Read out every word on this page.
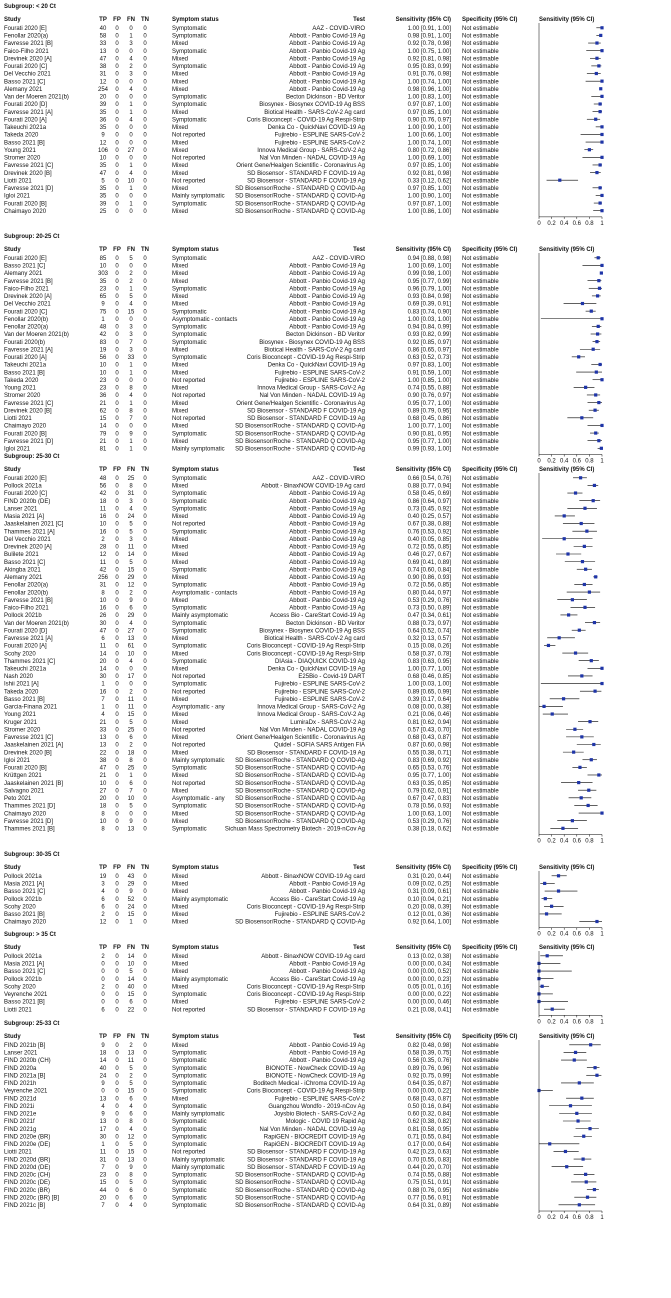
Subgroup: < 20 Ct
Study	TP FP FN TN	Symptom status	Test	Sensitivity (95% CI) Specificity (95% CI)	Sensitivity (95% CI)
Fourati 2020 [E]	40 0 0 0	Symptomatic	AAZ - COVID-VIRO	1.00 [0.91, 1.00] Not estimable
Fenollar 2020(a)	58 0 1 0	Symptomatic	Abbott - Panbio Covid-19 Ag	0.98 [0.91, 1.00] Not estimable
Favresse 2021 [B]	33 0 3 0	Mixed	Abbott - Panbio Covid-19 Ag	0.92 [0.78, 0.98] Not estimable
Faico-Filho 2021	13 0 0 0	Symptomatic	Abbott - Panbio Covid-19 Ag	1.00 [0.75, 1.00] Not estimable
Drevinek 2020 [A]	47 0 4 0	Mixed	Abbott - Panbio Covid-19 Ag	0.92 [0.81, 0.98] Not estimable
Fourati 2020 [C]	38 0 2 0	Symptomatic	Abbott - Panbio Covid-19 Ag	0.95 [0.83, 0.99] Not estimable
Del Vecchio 2021	31 0 3 0	Mixed	Abbott - Panbio Covid-19 Ag	0.91 [0.76, 0.98] Not estimable
Basso 2021 [C]	12 0 0 0	Mixed	Abbott - Panbio Covid-19 Ag	1.00 [0.74, 1.00] Not estimable
Alemany 2021	254 0 4 0	Mixed	Abbott - Panbio Covid-19 Ag	0.98 [0.96, 1.00] Not estimable
Van der Moeren 2021(b)	20 0 0 0	Symptomatic	Becton Dickinson - BD Veritor	1.00 [0.83, 1.00] Not estimable
Fourati 2020 [D]	39 0 1 0	Symptomatic	Biosynex - Biosynex COVID-19 Ag BSS	0.97 [0.87, 1.00] Not estimable
Favresse 2021 [A]	35 0 1 0	Mixed	Biotical Health - SARS-CoV-2 Ag card	0.97 [0.85, 1.00] Not estimable
Fourati 2020 [A]	36 0 4 0	Symptomatic	Coris Bioconcept - COVID-19 Ag Respi-Strip	0.90 [0.76, 0.97] Not estimable
Takeuchi 2021a	35 0 0 0	Mixed	Denka Co - QuickNavi COVID-19 Ag	1.00 [0.90, 1.00] Not estimable
Takeda 2020	9 0 0 0	Not reported	Fujirebio - ESPLINE SARS-CoV-2	1.00 [0.66, 1.00] Not estimable
Basso 2021 [B]	12 0 0 0	Mixed	Fujirebio - ESPLINE SARS-CoV-2	1.00 [0.74, 1.00] Not estimable
Young 2021	106 0 27 0	Mixed	Innova Medical Group - SARS-CoV-2 Ag	0.80 [0.72, 0.86] Not estimable
Stromer 2020	10 0 0 0	Not reported	Nal Von Minden - NADAL COVID-19 Ag	1.00 [0.69, 1.00] Not estimable
Favresse 2021 [C]	35 0 1 0	Mixed	Orient Gene/Healgen Scientific - Coronavirus Ag	0.97 [0.85, 1.00] Not estimable
Drevinek 2020 [B]	47 0 4 0	Mixed	SD Biosensor - STANDARD F COVID-19 Ag	0.92 [0.81, 0.98] Not estimable
Liotti 2021	5 0 10 0	Not reported	SD Biosensor - STANDARD F COVID-19 Ag	0.33 [0.12, 0.62] Not estimable
Favresse 2021 [D]	35 0 1 0	Mixed	SD Biosensor/Roche - STANDARD Q COVID-Ag	0.97 [0.85, 1.00] Not estimable
Igloi 2021	35 0 0 0	Mainly symptomatic SD Biosensor/Roche - STANDARD Q COVID-Ag	1.00 [0.90, 1.00] Not estimable
Fourati 2020 [B]	39 0 1 0	Symptomatic	SD Biosensor/Roche - STANDARD Q COVID-Ag	0.97 [0.87, 1.00] Not estimable
Chaimayo 2020	25 0 0 0	Mixed	SD Biosensor/Roche - STANDARD Q COVID-Ag	1.00 [0.86, 1.00] Not estimable
0 0.2 0.4 0.6 0.8 1
Subgroup: 20-25 Ct
Study	TP FP FN TN	Symptom status	Test	Sensitivity (95% CI) Specificity (95% CI)	Sensitivity (95% CI)
Fourati 2020 [E]	85 0 5 0	Symptomatic	AAZ - COVID-VIRO	0.94 [0.88, 0.98] Not estimable
Basso 2021 [C]	10 0 0 0	Mixed	Abbott - Panbio Covid-19 Ag	1.00 [0.69, 1.00] Not estimable
Alemany 2021	303 0 2 0	Mixed	Abbott - Panbio Covid-19 Ag	0.99 [0.98, 1.00] Not estimable
Favresse 2021 [B]	35 0 2 0	Mixed	Abbott - Panbio Covid-19 Ag	0.95 [0.77, 0.99] Not estimable
Faico-Filho 2021	23 0 1 0	Symptomatic	Abbott - Panbio Covid-19 Ag	0.96 [0.79, 1.00] Not estimable
Drevinek 2020 [A]	65 0 5 0	Mixed	Abbott - Panbio Covid-19 Ag	0.93 [0.84, 0.98] Not estimable
Del Vecchio 2021	9 0 4 0	Mixed	Abbott - Panbio Covid-19 Ag	0.69 [0.39, 0.91] Not estimable
Fourati 2020 [C]	75 0 15 0	Symptomatic	Abbott - Panbio Covid-19 Ag	0.83 [0.74, 0.90] Not estimable
Fenollar 2020(b)	1 0 0 0	Asymptomatic - contacts	Abbott - Panbio Covid-19 Ag	1.00 [0.03, 1.00] Not estimable
Fenollar 2020(a)	48 0 3 0	Symptomatic	Abbott - Panbio Covid-19 Ag	0.94 [0.84, 0.99] Not estimable
Van der Moeren 2021(b)	42 0 3 0	Symptomatic	Becton Dickinson - BD Veritor	0.93 [0.82, 0.99] Not estimable
Fourati 2020(b)	83 0 7 0	Symptomatic	Biosynex - Biosynex COVID-19 Ag BSS	0.92 [0.85, 0.97] Not estimable
Favresse 2021 [A]	19 0 3 0	Mixed	Biotical Health - SARS-CoV-2 Ag card	0.86 [0.65, 0.97] Not estimable
Fourati 2020 [A]	56 0 33 0	Symptomatic	Coris Bioconcept - COVID-19 Ag Respi-Strip	0.63 [0.52, 0.73] Not estimable
Takeuchi 2021a	10 0 1 0	Mixed	Denka Co - QuickNavi COVID-19 Ag	0.97 [0.83, 1.00] Not estimable
Basso 2021 [B]	10 0 1 0	Mixed	Fujirebio - ESPLINE SARS-CoV-2	0.91 [0.59, 1.00] Not estimable
Takeda 2020	23 0 0 0	Not reported	Fujirebio - ESPLINE SARS-CoV-2	1.00 [0.85, 1.00] Not estimable
Young 2021	23 0 8 0	Mixed	Innova Medical Group - SARS-CoV-2 Ag	0.74 [0.55, 0.88] Not estimable
Stromer 2020	36 0 4 0	Not reported	Nal Von Minden - NADAL COVID-19 Ag	0.90 [0.76, 0.97] Not estimable
Favresse 2021 [C]	21 0 1 0	Mixed	Orient Gene/Healgen Scientific - Coronavirus Ag	0.95 [0.77, 1.00] Not estimable
Drevinek 2020 [B]	62 0 8 0	Mixed	SD Biosensor - STANDARD F COVID-19 Ag	0.89 [0.79, 0.95] Not estimable
Liotti 2021	15 0 7 0	Not reported	SD Biosensor - STANDARD F COVID-19 Ag	0.68 [0.45, 0.86] Not estimable
Chaimayo 2020	14 0 0 0	Mixed	SD Biosensor/Roche - STANDARD Q COVID-Ag	1.00 [0.77, 1.00] Not estimable
Fourati 2020 [B]	79 0 9 0	Symptomatic	SD Biosensor/Roche - STANDARD Q COVID-Ag	0.90 [0.81, 0.95] Not estimable
Favresse 2021 [D]	21 0 1 0	Mixed	SD Biosensor/Roche - STANDARD Q COVID-Ag	0.95 [0.77, 1.00] Not estimable
Igloi 2021	81 0 1 0	Mainly symptomatic SD Biosensor/Roche - STANDARD Q COVID-Ag	0.99 [0.93, 1.00] Not estimable
0 0.2 0.4 0.6 0.8 1
Subgroup: 25-30 Ct
Study	TP FP FN TN	Symptom status	Test	Sensitivity (95% CI) Specificity (95% CI)	Sensitivity (95% CI)
Fourati 2020 [E]	48 0 25 0	Symptomatic	AAZ - COVID-VIRO	0.66 [0.54, 0.76] Not estimable
Pollock 2021a	56 0 8 0	Mixed	Abbott - BinaxNOW COVID-19 Ag card	0.88 [0.77, 0.94] Not estimable
Fourati 2020 [C]	42 0 31 0	Symptomatic	Abbott - Panbio Covid-19 Ag	0.58 [0.45, 0.69] Not estimable
FIND 2020b (DE)	18 0 3 0	Symptomatic	Abbott - Panbio Covid-19 Ag	0.86 [0.64, 0.97] Not estimable
Lanser 2021	11 0 4 0	Symptomatic	Abbott - Panbio Covid-19 Ag	0.73 [0.45, 0.92] Not estimable
Masia 2021 [A]	16 0 24 0	Mixed	Abbott - Panbio Covid-19 Ag	0.40 [0.25, 0.57] Not estimable
Jaaskelainen 2021 [C]	10 0 5 0	Not reported	Abbott - Panbio Covid-19 Ag	0.67 [0.38, 0.88] Not estimable
Thammes 2021 [A]	16 0 5 0	Symptomatic	Abbott - Panbio Covid-19 Ag	0.76 [0.53, 0.92] Not estimable
Del Vecchio 2021	2 0 3 0	Mixed	Abbott - Panbio Covid-19 Ag	0.40 [0.05, 0.85] Not estimable
Drevinek 2020 [A]	28 0 11 0	Mixed	Abbott - Panbio Covid-19 Ag	0.72 [0.55, 0.85] Not estimable
Bulilete 2021	12 0 14 0	Mixed	Abbott - Panbio Covid-19 Ag	0.46 [0.27, 0.67] Not estimable
Basso 2021 [C]	11 0 5 0	Mixed	Abbott - Panbio Covid-19 Ag	0.69 [0.41, 0.89] Not estimable
Akingba 2021	42 0 15 0	Symptomatic	Abbott - Panbio Covid-19 Ag	0.74 [0.60, 0.84] Not estimable
Alemany 2021	256 0 29 0	Mixed	Abbott - Panbio Covid-19 Ag	0.90 [0.86, 0.93] Not estimable
Fenollar 2020(a)	31 0 12 0	Symptomatic	Abbott - Panbio Covid-19 Ag	0.72 [0.56, 0.85] Not estimable
Fenollar 2020(b)	8 0 2 0	Asymptomatic - contacts	Abbott - Panbio Covid-19 Ag	0.80 [0.44, 0.97] Not estimable
Favresse 2021 [B]	10 0 9 0	Mixed	Abbott - Panbio Covid-19 Ag	0.53 [0.29, 0.76] Not estimable
Faico-Filho 2021	16 0 6 0	Symptomatic	Abbott - Panbio Covid-19 Ag	0.73 [0.50, 0.89] Not estimable
Pollock 2021b	26 0 29 0	Mainly asymptomatic	Access Bio - CareStart Covid-19 Ag	0.47 [0.34, 0.61] Not estimable
Van der Moeren 2021(b)	30 0 4 0	Symptomatic	Becton Dickinson - BD Veritor	0.88 [0.73, 0.97] Not estimable
Fourati 2020 [D]	47 0 27 0	Symptomatic	Biosynex - Biosynex COVID-19 Ag BSS	0.64 [0.52, 0.74] Not estimable
Favresse 2021 [A]	6 0 13 0	Mixed	Biotical Health - SARS-CoV-2 Ag card	0.32 [0.13, 0.57] Not estimable
Fourati 2020 [A]	11 0 61 0	Symptomatic	Coris Bioconcept - COVID-19 Ag Respi-Strip	0.15 [0.08, 0.26] Not estimable
Scohy 2020	14 0 10 0	Mixed	Coris Bioconcept - COVID-19 Ag Respi-Strip	0.58 [0.37, 0.78] Not estimable
Thammes 2021 [C]	20 0 4 0	Symptomatic	DIAsia - DIAQUICK COVID-19 Ag	0.83 [0.63, 0.95] Not estimable
Takeuchi 2021a	14 0 0 0	Mixed	Denka Co - QuickNavi COVID-19 Ag	1.00 [0.77, 1.00] Not estimable
Nash 2020	30 0 17 0	Not reported	E25Bio - Covid-19 DART	0.68 [0.46, 0.85] Not estimable
Ishii 2021 [A]	1 0 0 0	Symptomatic	Fujirebio - ESPLINE SARS-CoV-2	1.00 [0.03, 1.00] Not estimable
Takeda 2020	16 0 2 0	Not reported	Fujirebio - ESPLINE SARS-CoV-2	0.89 [0.65, 0.99] Not estimable
Basso 2021 [B]	7 0 11 0	Mixed	Fujirebio - ESPLINE SARS-CoV-2	0.39 [0.17, 0.64] Not estimable
Garcia-Finana 2021	1 0 11 0	Asymptomatic - any	Innova Medical Group - SARS-CoV-2 Ag	0.08 [0.00, 0.38] Not estimable
Young 2021	4 0 15 0	Mixed	Innova Medical Group - SARS-CoV-2 Ag	0.21 [0.06, 0.46] Not estimable
Kruger 2021	21 0 5 0	Mixed	LumiraDx - SARS-CoV-2 Ag	0.81 [0.62, 0.94] Not estimable
Stromer 2020	33 0 25 0	Not reported	Nal Von Minden - NADAL COVID-19 Ag	0.57 [0.43, 0.70] Not estimable
Favresse 2021 [C]	13 0 6 0	Mixed	Orient Gene/Healgen Scientific - Coronavirus Ag	0.68 [0.43, 0.87] Not estimable
Jaaskelainen 2021 [A]	13 0 2 0	Not reported	Quidel - SOFIA SARS Antigen FIA	0.87 [0.60, 0.98] Not estimable
Drevinek 2020 [B]	22 0 18 0	Mixed	SD Biosensor - STANDARD F COVID-19 Ag	0.55 [0.38, 0.71] Not estimable
Igloi 2021	38 0 8 0	Mainly symptomatic SD Biosensor/Roche - STANDARD Q COVID-Ag	0.83 [0.69, 0.92] Not estimable
Fourati 2020 [B]	47 0 25 0	Symptomatic	SD Biosensor/Roche - STANDARD Q COVID-Ag	0.65 [0.53, 0.76] Not estimable
Krüttgen 2021	21 0 1 0	Mixed	SD Biosensor/Roche - STANDARD Q COVID-Ag	0.95 [0.77, 1.00] Not estimable
Jaaskelainen 2021 [B]	10 0 6 0	Not reported	SD Biosensor/Roche - STANDARD Q COVID-Ag	0.63 [0.35, 0.85] Not estimable
Salvagno 2021	27 0 7 0	Mixed	SD Biosensor/Roche - STANDARD Q COVID-Ag	0.79 [0.62, 0.91] Not estimable
Peto 2021	20 0 10 0	Asymptomatic - any SD Biosensor/Roche - STANDARD Q COVID-Ag	0.67 [0.47, 0.83] Not estimable
Thammes 2021 [D]	18 0 5 0	Symptomatic	SD Biosensor/Roche - STANDARD Q COVID-Ag	0.78 [0.56, 0.93] Not estimable
Chaimayo 2020	8 0 0 0	Mixed	SD Biosensor/Roche - STANDARD Q COVID-Ag	1.00 [0.63, 1.00] Not estimable
Favresse 2021 [D]	10 0 9 0	Mixed	SD Biosensor/Roche - STANDARD Q COVID-Ag	0.53 [0.29, 0.76] Not estimable
Thammes 2021 [B]	8 0 13 0	Symptomatic	Sichuan Mass Spectrometry Biotech - 2019-nCov Ag	0.38 [0.18, 0.62] Not estimable
0 0.2 0.4 0.6 0.8 1
Subgroup: 30-35 Ct
Study	TP FP FN TN	Symptom status	Test	Sensitivity (95% CI) Specificity (95% CI)	Sensitivity (95% CI)
Pollock 2021a	19 0 43 0	Mixed	Abbott - BinaxNOW COVID-19 Ag card	0.31 [0.20, 0.44] Not estimable
Masia 2021 [A]	3 0 29 0	Mixed	Abbott - Panbio Covid-19 Ag	0.09 [0.02, 0.25] Not estimable
Basso 2021 [C]	4 0 9 0	Mixed	Abbott - Panbio Covid-19 Ag	0.31 [0.09, 0.61] Not estimable
Pollock 2021b	6 0 52 0	Mainly asymptomatic	Access Bio - CareStart Covid-19 Ag	0.10 [0.04, 0.21] Not estimable
Scohy 2020	6 0 24 0	Mixed	Coris Bioconcept - COVID-19 Ag Respi-Strip	0.20 [0.08, 0.39] Not estimable
Basso 2021 [B]	2 0 15 0	Mixed	Fujirebio - ESPLINE SARS-CoV-2	0.12 [0.01, 0.36] Not estimable
Chaimayo 2020	12 0 1 0	Mixed	SD Biosensor/Roche - STANDARD Q COVID-Ag	0.92 [0.64, 1.00] Not estimable
0 0.2 0.4 0.6 0.8 1
Subgroup: > 35 Ct
Study	TP FP FN TN	Symptom status	Test	Sensitivity (95% CI) Specificity (95% CI)	Sensitivity (95% CI)
Pollock 2021a	2 0 14 0	Mixed	Abbott - BinaxNOW COVID-19 Ag card	0.13 [0.02, 0.38] Not estimable
Masia 2021 [A]	0 0 10 0	Mixed	Abbott - Panbio Covid-19 Ag	0.00 [0.00, 0.34] Not estimable
Basso 2021 [C]	0 0 5 0	Mixed	Abbott - Panbio Covid-19 Ag	0.00 [0.00, 0.52] Not estimable
Pollock 2021b	0 0 14 0	Mainly asymptomatic	Access Bio - CareStart Covid-19 Ag	0.00 [0.00, 0.23] Not estimable
Scohy 2020	2 0 40 0	Mixed	Coris Bioconcept - COVID-19 Ag Respi-Strip	0.05 [0.01, 0.16] Not estimable
Veyrenche 2021	0 0 15 0	Symptomatic	Coris Bioconcept - COVID-19 Ag Respi-Strip	0.00 [0.00, 0.22] Not estimable
Basso 2021 [B]	0 0 6 0	Mixed	Fujirebio - ESPLINE SARS-CoV-2	0.00 [0.00, 0.46] Not estimable
Liotti 2021	6 0 22 0	Not reported	SD Biosensor - STANDARD F COVID-19 Ag	0.21 [0.08, 0.41] Not estimable
0 0.2 0.4 0.6 0.8 1
Subgroup: 25-33 Ct
Study	TP FP FN TN	Symptom status	Test	Sensitivity (95% CI) Specificity (95% CI)	Sensitivity (95% CI)
FIND 2021b [B]	9 0 2 0	Mixed	Abbott - Panbio Covid-19 Ag	0.82 [0.48, 0.98] Not estimable
Lanser 2021	18 0 13 0	Symptomatic	Abbott - Panbio Covid-19 Ag	0.58 [0.39, 0.75] Not estimable
FIND 2020b (CH)	14 0 11 0	Symptomatic	Abbott - Panbio Covid-19 Ag	0.56 [0.35, 0.76] Not estimable
FIND 2020a	40 0 5 0	Symptomatic	BIONOTE - NowCheck COVID-19 Ag	0.89 [0.76, 0.96] Not estimable
FIND 2021a [B]	24 0 2 0	Symptomatic	BIONOTE - NowCheck COVID-19 Ag	0.92 [0.75, 0.99] Not estimable
FIND 2021h	9 0 5 0	Symptomatic	Boditech Medical - iChroma COVID-19 Ag	0.64 [0.35, 0.87] Not estimable
Veyrenche 2021	0 0 15 0	Symptomatic	Coris Bioconcept - COVID-19 Ag Respi-Strip	0.00 [0.00, 0.22] Not estimable
FIND 2021d	13 0 6 0	Mixed	Fujirebio - ESPLINE SARS-CoV-2	0.68 [0.43, 0.87] Not estimable
FIND 2021i	4 0 4 0	Symptomatic	Guangzhou Wondfo - 2019-nCov Ag	0.50 [0.16, 0.84] Not estimable
FIND 2021e	9 0 6 0	Mainly symptomatic	Joysbio Biotech - SARS-CoV-2 Ag	0.60 [0.32, 0.84] Not estimable
FIND 2021f	13 0 8 0	Symptomatic	Mologic - COVID 19 Rapid Ag	0.62 [0.38, 0.82] Not estimable
FIND 2021g	17 0 4 0	Symptomatic	Nal Von Minden - NADAL COVID-19 Ag	0.81 [0.58, 0.95] Not estimable
FIND 2020e (BR)	30 0 12 0	Symptomatic	RapiGEN - BIOCREDIT COVID-19 Ag	0.71 [0.55, 0.84] Not estimable
FIND 2020e (DE)	1 0 5 0	Symptomatic	RapiGEN - BIOCREDIT COVID-19 Ag	0.17 [0.00, 0.64] Not estimable
Liotti 2021	11 0 15 0	Not reported	SD Biosensor - STANDARD F COVID-19 Ag	0.42 [0.23, 0.63] Not estimable
FIND 2020d (BR)	31 0 13 0	Mainly symptomatic	SD Biosensor - STANDARD F COVID-19 Ag	0.70 [0.55, 0.83] Not estimable
FIND 2020d (DE)	7 0 9 0	Mainly symptomatic	SD Biosensor - STANDARD F COVID-19 Ag	0.44 [0.20, 0.70] Not estimable
FIND 2020c (CH)	23 0 8 0	Symptomatic	SD Biosensor/Roche - STANDARD Q COVID-Ag	0.74 [0.55, 0.88] Not estimable
FIND 2020c (DE)	15 0 5 0	Symptomatic	SD Biosensor/Roche - STANDARD Q COVID-Ag	0.75 [0.51, 0.91] Not estimable
FIND 2020c (BR)	44 0 6 0	Symptomatic	SD Biosensor/Roche - STANDARD Q COVID-Ag	0.88 [0.76, 0.95] Not estimable
FIND 2020c (BR) [B]	20 0 6 0	Symptomatic	SD Biosensor/Roche - STANDARD Q COVID-Ag	0.77 [0.56, 0.91] Not estimable
FIND 2021c [B]	7 0 4 0	Symptomatic	SD Biosensor/Roche - STANDARD Q COVID-Ag	0.64 [0.31, 0.89] Not estimable
0 0.2 0.4 0.6 0.8 1
